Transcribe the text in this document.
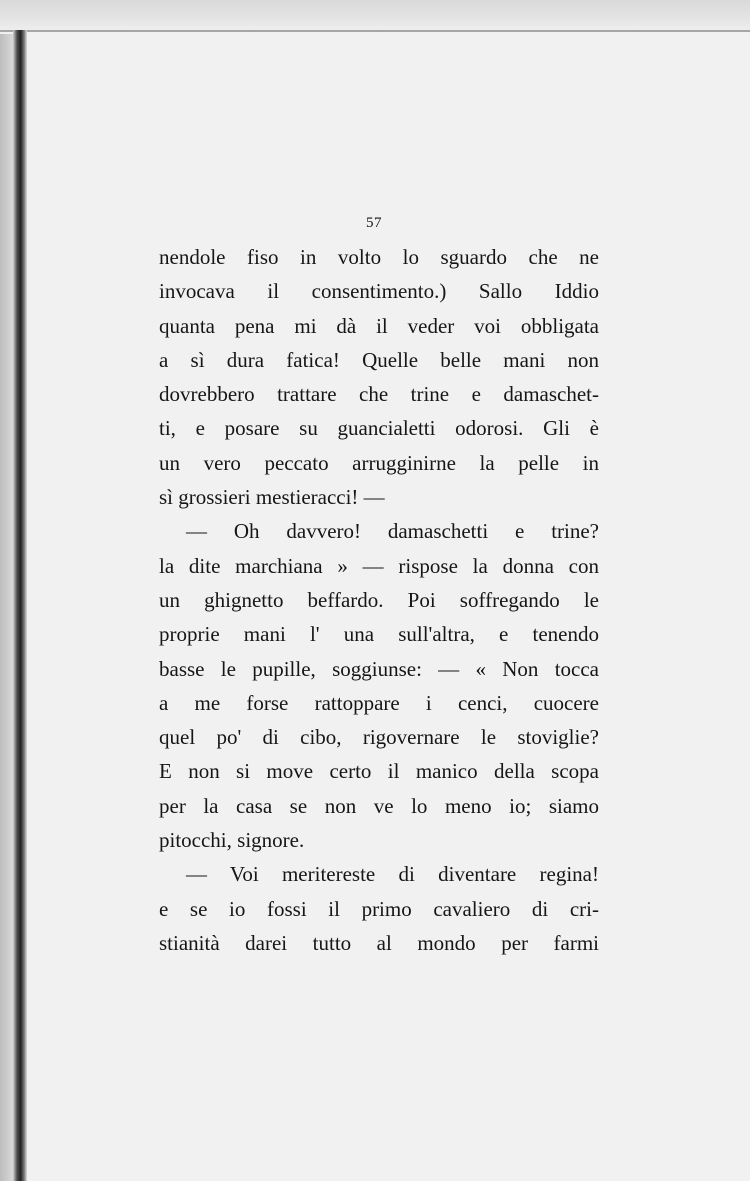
57
nendole fiso in volto lo sguardo che ne
invocava il consentimento.) Sallo Iddio
quanta pena mi dà il veder voi obbligata
a sì dura fatica! Quelle belle mani non
dovrebbero trattare che trine e damaschet-
ti, e posare su guancialetti odorosi. Gli è
un vero peccato arrugginirne la pelle in
sì grossieri mestieracci! —
— Oh davvero! damaschetti e trine?
la dite marchiana » — rispose la donna con
un ghignetto beffardo. Poi soffregando le
proprie mani l' una sull'altra, e tenendo
basse le pupille, soggiunse: — « Non tocca
a me forse rattoppare i cenci, cuocere
quel po' di cibo, rigovernare le stoviglie?
E non si move certo il manico della scopa
per la casa se non ve lo meno io; siamo
pitocchi, signore.
— Voi meritereste di diventare regina!
e se io fossi il primo cavaliero di cri-
stianità darei tutto al mondo per farmi
